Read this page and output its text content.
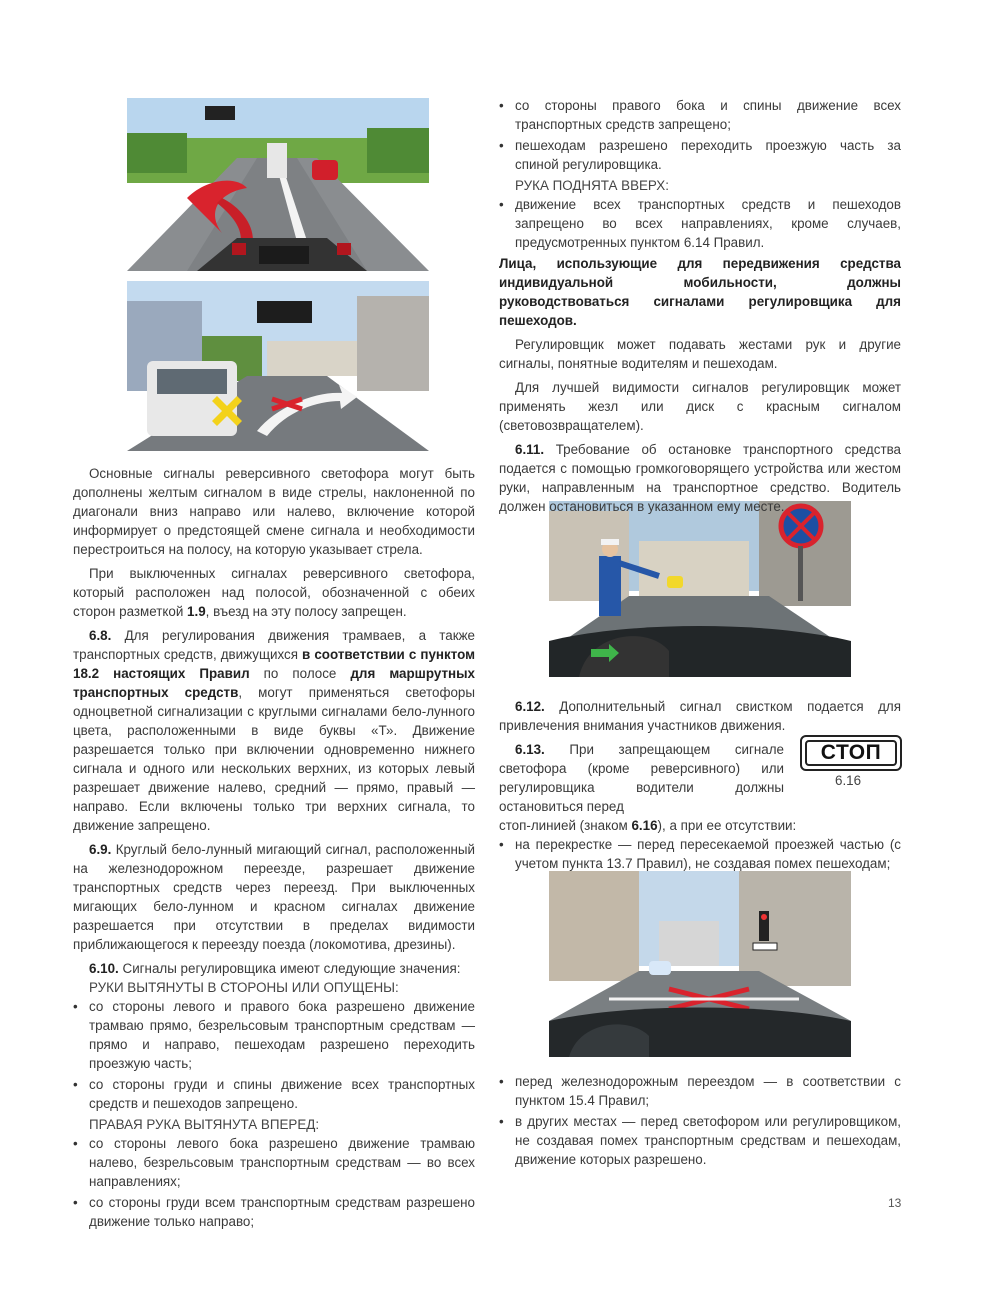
Основные сигналы реверсивного светофора могут быть дополнены желтым сигналом в виде стрелы, наклоненной по диагонали вниз направо или налево, включение которой информирует о предстоящей смене сигнала и необходимости перестроиться на полосу, на которую указывает стрела.

При выключенных сигналах реверсивного светофора, который расположен над полосой, обозначенной с обеих сторон разметкой 1.9, въезд на эту полосу запрещен.

6.8. Для регулирования движения трамваев, а также транспортных средств, движущихся в соответствии с пунктом 18.2 настоящих Правил по полосе для маршрутных транспортных средств, могут применяться светофоры одноцветной сигнализации с круглыми сигналами бело-лунного цвета, расположенными в виде буквы «Т». Движение разрешается только при включении одновременно нижнего сигнала и одного или нескольких верхних, из которых левый разрешает движение налево, средний — прямо, правый — направо. Если включены только три верхних сигнала, то движение запрещено.

6.9. Круглый бело-лунный мигающий сигнал, расположенный на железнодорожном переезде, разрешает движение транспортных средств через переезд. При выключенных мигающих бело-лунном и красном сигналах движение разрешается при отсутствии в пределах видимости приближающегося к переезду поезда (локомотива, дрезины).

6.10. Сигналы регулировщика имеют следующие значения:

РУКИ ВЫТЯНУТЫ В СТОРОНЫ ИЛИ ОПУЩЕНЫ:

• со стороны левого и правого бока разрешено движение трамваю прямо, безрельсовым транспортным средствам — прямо и направо, пешеходам разрешено переходить проезжую часть;
• со стороны груди и спины движение всех транспортных средств и пешеходов запрещено.

ПРАВАЯ РУКА ВЫТЯНУТА ВПЕРЕД:

• со стороны левого бока разрешено движение трамваю налево, безрельсовым транспортным средствам — во всех направлениях;
• со стороны груди всем транспортным средствам разрешено движение только направо;
• со стороны правого бока и спины движение всех транспортных средств запрещено;
• пешеходам разрешено переходить проезжую часть за спиной регулировщика.

РУКА ПОДНЯТА ВВЕРХ:

• движение всех транспортных средств и пешеходов запрещено во всех направлениях, кроме случаев, предусмотренных пунктом 6.14 Правил.

Лица, использующие для передвижения средства индивидуальной мобильности, должны руководствоваться сигналами регулировщика для пешеходов.

Регулировщик может подавать жестами рук и другие сигналы, понятные водителям и пешеходам.

Для лучшей видимости сигналов регулировщик может применять жезл или диск с красным сигналом (световозвращателем).

6.11. Требование об остановке транспортного средства подается с помощью громкоговорящего устройства или жестом руки, направленным на транспортное средство. Водитель должен остановиться в указанном ему месте.

6.12. Дополнительный сигнал свистком подается для привлечения внимания участников движения.

6.13. При запрещающем сигнале светофора (кроме реверсивного) или регулировщика водители должны остановиться перед

стоп-линией (знаком 6.16), а при ее отсутствии:

• на перекрестке — перед пересекаемой проезжей частью (с учетом пункта 13.7 Правил), не создавая помех пешеходам;
СТОП
6.16
• перед железнодорожным переездом — в соответствии с пунктом 15.4 Правил;
• в других местах — перед светофором или регулировщиком, не создавая помех транспортным средствам и пешеходам, движение которых разрешено.
13
